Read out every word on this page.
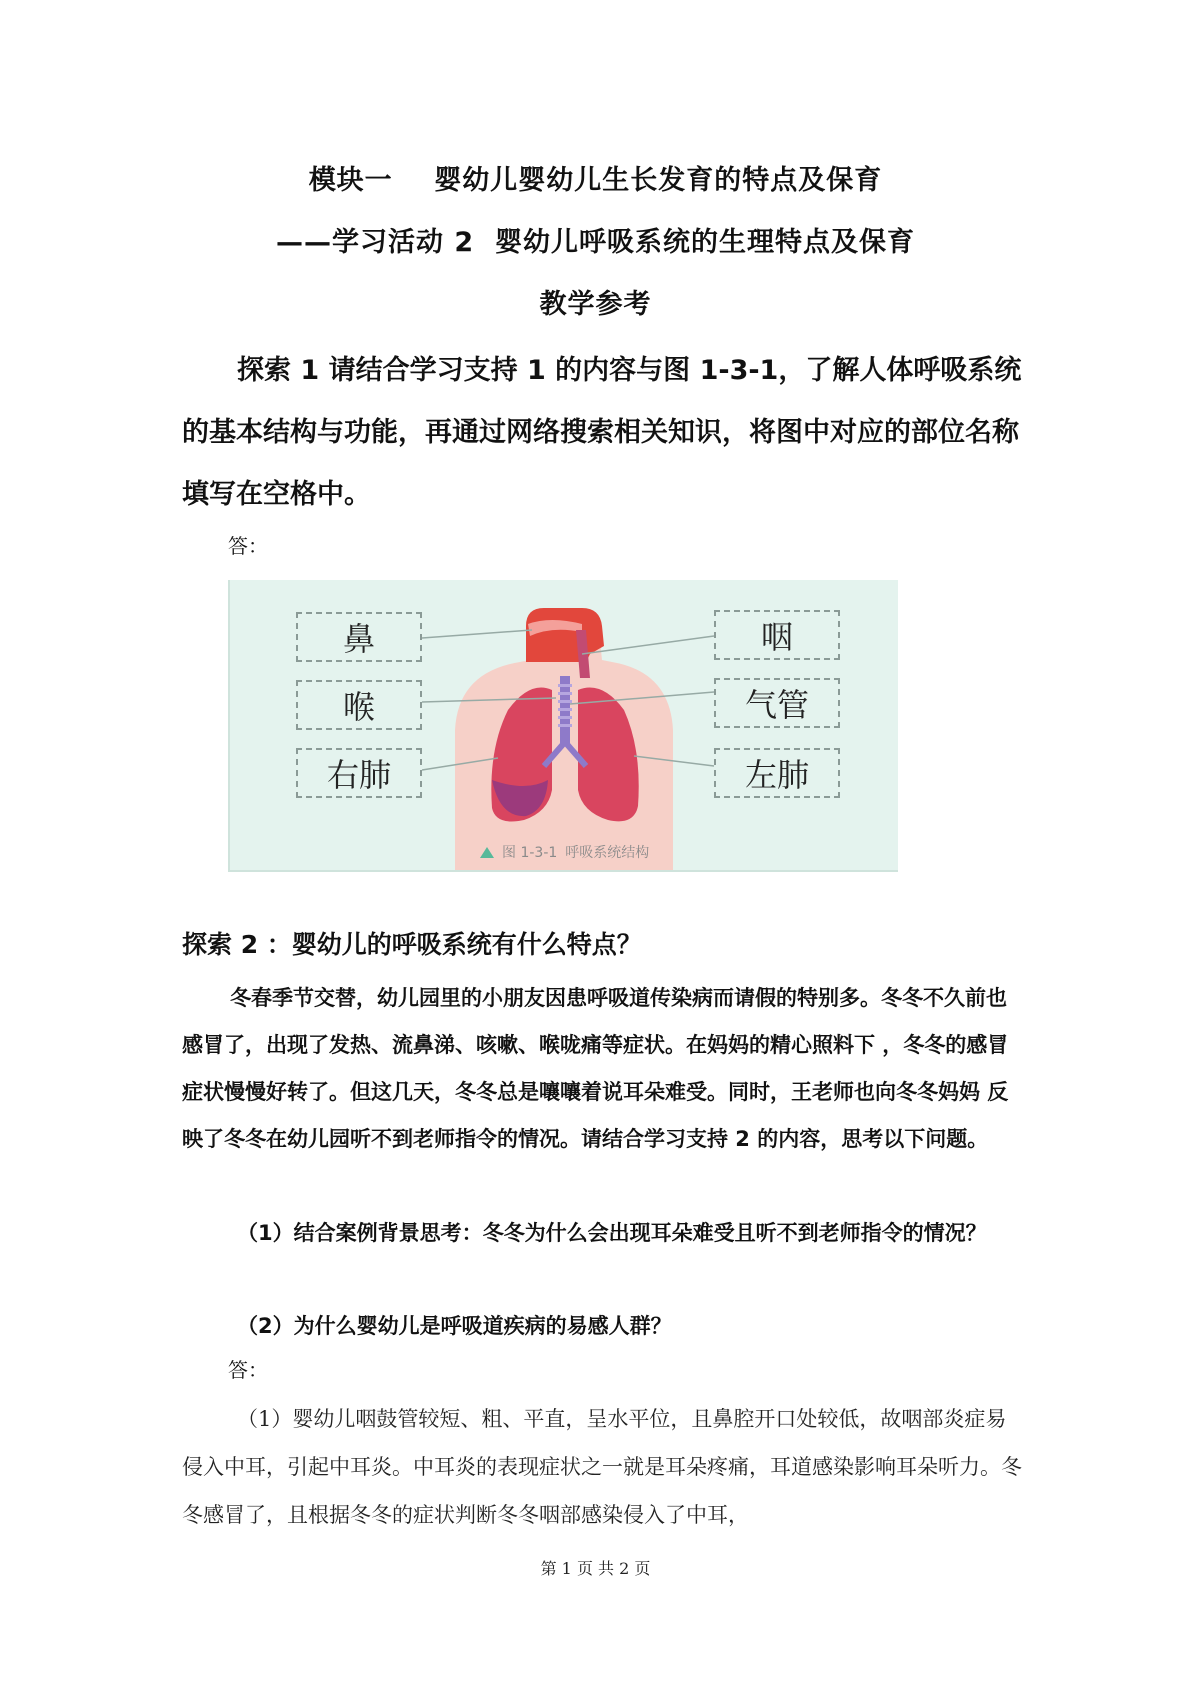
模块一    婴幼儿婴幼儿生长发育的特点及保育
——学习活动 2  婴幼儿呼吸系统的生理特点及保育
教学参考

探索 1 请结合学习支持 1 的内容与图 1-3-1，了解人体呼吸系统的基本结构与功能，再通过网络搜索相关知识，将图中对应的部位名称填写在空格中。

答：
鼻
喉
右肺
咽
气管
左肺
图 1-3-1 呼吸系统结构
探索 2 ：婴幼儿的呼吸系统有什么特点？

冬春季节交替，幼儿园里的小朋友因患呼吸道传染病而请假的特别多。冬冬不久前也感冒了，出现了发热、流鼻涕、咳嗽、喉咙痛等症状。在妈妈的精心照料下 ，冬冬的感冒症状慢慢好转了。但这几天，冬冬总是嚷嚷着说耳朵难受。同时，王老师也向冬冬妈妈 反映了冬冬在幼儿园听不到老师指令的情况。请结合学习支持 2 的内容，思考以下问题。

（1）结合案例背景思考：冬冬为什么会出现耳朵难受且听不到老师指令的情况？

（2）为什么婴幼儿是呼吸道疾病的易感人群？

答：

（1）婴幼儿咽鼓管较短、粗、平直，呈水平位，且鼻腔开口处较低，故咽部炎症易侵入中耳，引起中耳炎。中耳炎的表现症状之一就是耳朵疼痛，耳道感染影响耳朵听力。冬冬感冒了，且根据冬冬的症状判断冬冬咽部感染侵入了中耳，

第 1 页 共 2 页
